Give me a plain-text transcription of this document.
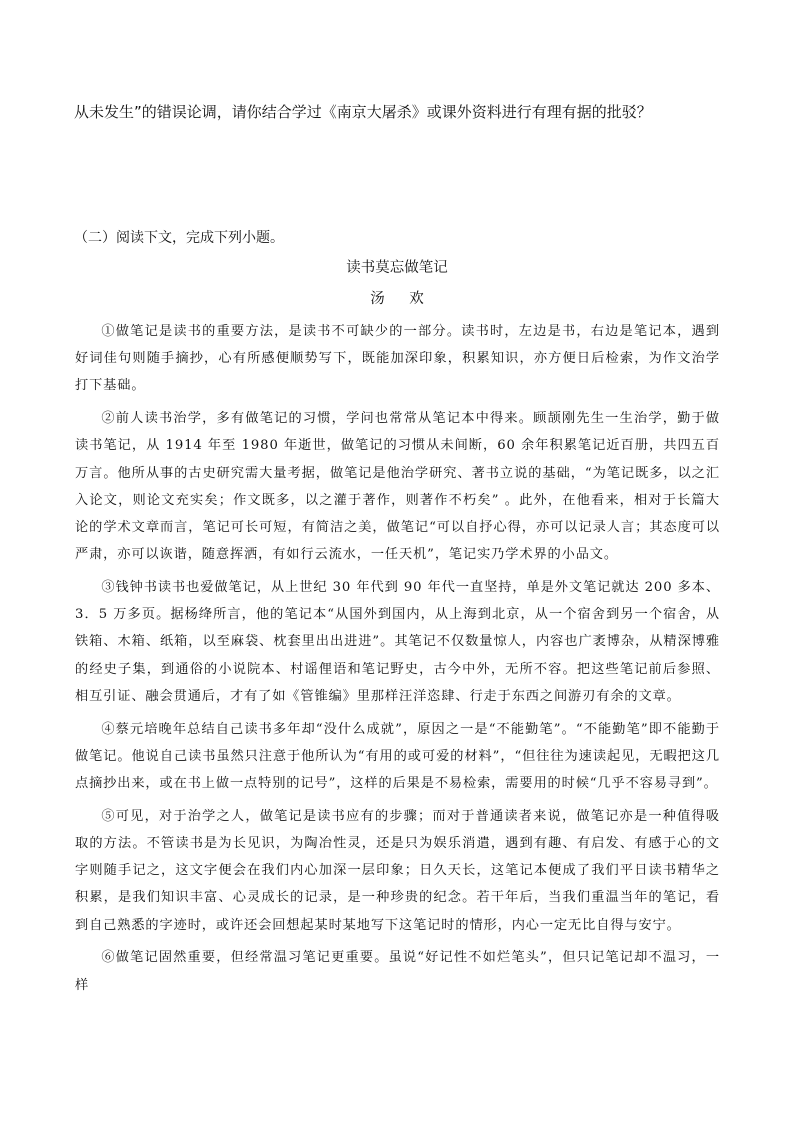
从未发生”的错误论调，请你结合学过《南京大屠杀》或课外资料进行有理有据的批驳？
（二）阅读下文，完成下列小题。
读书莫忘做笔记
汤 欢

①做笔记是读书的重要方法，是读书不可缺少的一部分。读书时，左边是书，右边是笔记本，遇到好词佳句则随手摘抄，心有所感便顺势写下，既能加深印象，积累知识，亦方便日后检索，为作文治学打下基础。

②前人读书治学，多有做笔记的习惯，学问也常常从笔记本中得来。顾颉刚先生一生治学，勤于做读书笔记，从 1914 年至 1980 年逝世，做笔记的习惯从未间断，60 余年积累笔记近百册，共四五百万言。他所从事的古史研究需大量考据，做笔记是他治学研究、著书立说的基础，“为笔记既多，以之汇入论文，则论文充实矣；作文既多，以之灌于著作，则著作不朽矣” 。此外，在他看来，相对于长篇大论的学术文章而言，笔记可长可短，有简洁之美，做笔记“可以自抒心得，亦可以记录人言；其态度可以严肃，亦可以诙谐，随意挥洒，有如行云流水，一任天机”，笔记实乃学术界的小品文。

③钱钟书读书也爱做笔记，从上世纪 30 年代到 90 年代一直坚持，单是外文笔记就达 200 多本、3．5 万多页。据杨绛所言，他的笔记本“从国外到国内，从上海到北京，从一个宿舍到另一个宿舍，从铁箱、木箱、纸箱，以至麻袋、枕套里出出进进”。其笔记不仅数量惊人，内容也广袤博杂，从精深博雅的经史子集，到通俗的小说院本、村谣俚语和笔记野史，古今中外，无所不容。把这些笔记前后参照、相互引证、融会贯通后，才有了如《管锥编》里那样汪洋恣肆、行走于东西之间游刃有余的文章。

④蔡元培晚年总结自己读书多年却“没什么成就”，原因之一是“不能勤笔”。“不能勤笔”即不能勤于做笔记。他说自己读书虽然只注意于他所认为“有用的或可爱的材料”，“但往往为速读起见，无暇把这几点摘抄出来，或在书上做一点特别的记号”，这样的后果是不易检索，需要用的时候“几乎不容易寻到”。

⑤可见，对于治学之人，做笔记是读书应有的步骤；而对于普通读者来说，做笔记亦是一种值得吸取的方法。不管读书是为长见识，为陶冶性灵，还是只为娱乐消遣，遇到有趣、有启发、有感于心的文字则随手记之，这文字便会在我们内心加深一层印象；日久天长，这笔记本便成了我们平日读书精华之积累，是我们知识丰富、心灵成长的记录，是一种珍贵的纪念。若干年后，当我们重温当年的笔记，看到自己熟悉的字迹时，或许还会回想起某时某地写下这笔记时的情形，内心一定无比自得与安宁。

⑥做笔记固然重要，但经常温习笔记更重要。虽说“好记性不如烂笔头”，但只记笔记却不温习，一样
